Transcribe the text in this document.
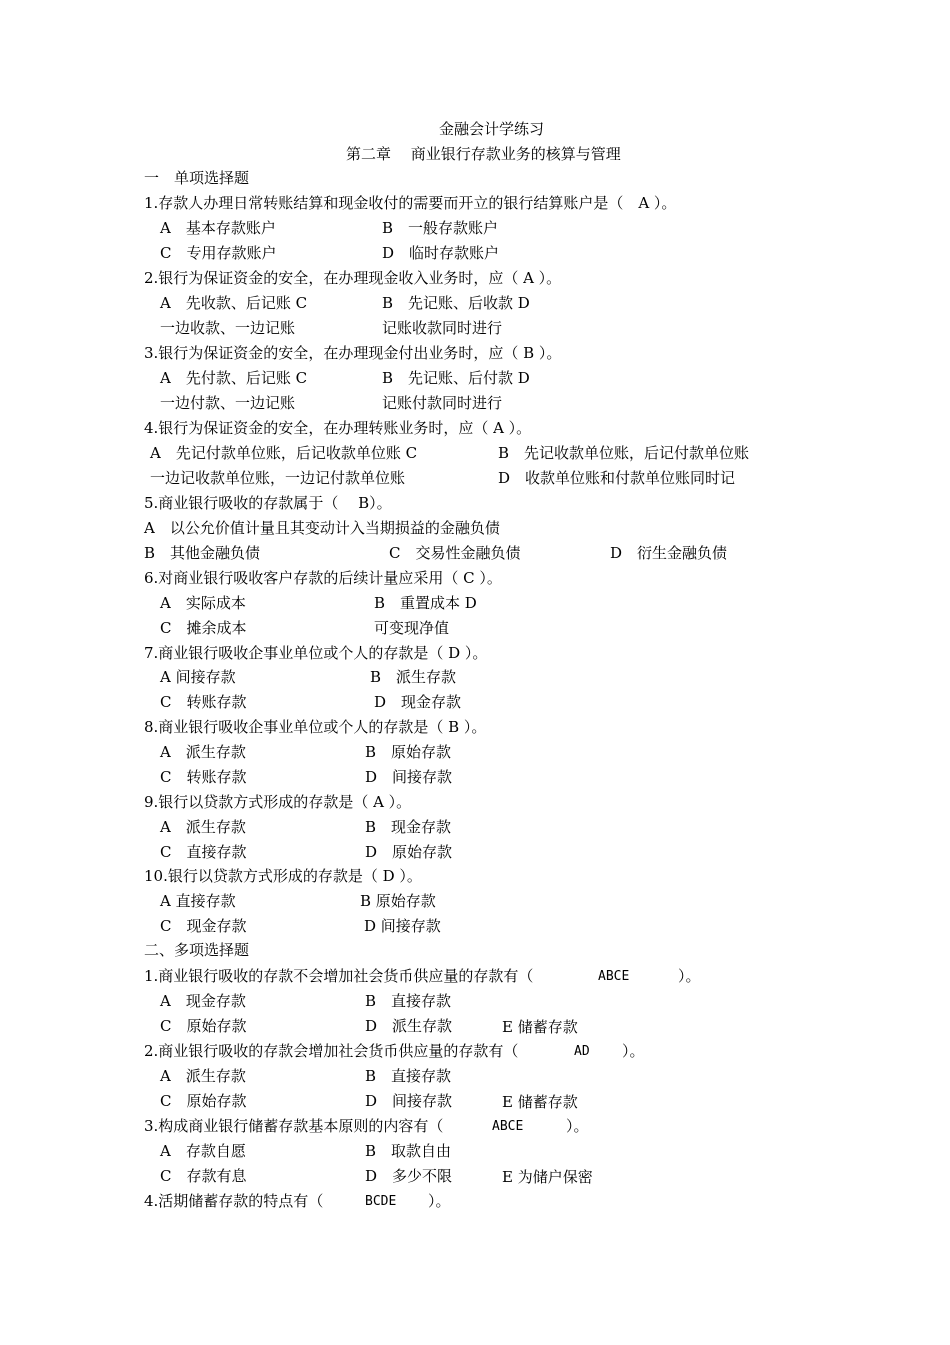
金融会计学练习
第二章　 商业银行存款业务的核算与管理
一　单项选择题
1.存款人办理日常转账结算和现金收付的需要而开立的银行结算账户是（　A ）。
A　基本存款账户	B　一般存款账户
C　专用存款账户	D　临时存款账户
2.银行为保证资金的安全，在办理现金收入业务时，应（ A ）。
A　先收款、后记账 C	B　先记账、后收款 D
一边收款、一边记账	记账收款同时进行
3.银行为保证资金的安全，在办理现金付出业务时，应（ B ）。
A　先付款、后记账 C	B　先记账、后付款 D
一边付款、一边记账	记账付款同时进行
4.银行为保证资金的安全，在办理转账业务时，应（ A ）。
A　先记付款单位账，后记收款单位账 C	B　先记收款单位账，后记付款单位账
一边记收款单位账，一边记付款单位账	D　收款单位账和付款单位账同时记
5.商业银行吸收的存款属于（　 B）。
A　以公允价值计量且其变动计入当期损益的金融负债
B　其他金融负债	C　交易性金融负债	D　衍生金融负债
6.对商业银行吸收客户存款的后续计量应采用（ C ）。
A　实际成本	B　重置成本 D
C　摊余成本	可变现净值
7.商业银行吸收企事业单位或个人的存款是（ D ）。
A 间接存款	B　派生存款
C　转账存款	D　现金存款
8.商业银行吸收企事业单位或个人的存款是（ B ）。
A　派生存款	B　原始存款
C　转账存款	D　间接存款
9.银行以贷款方式形成的存款是（ A ）。
A　派生存款	B　现金存款
C　直接存款	D　原始存款
10.银行以贷款方式形成的存款是（ D ）。
A 直接存款	B 原始存款
C　现金存款	D 间接存款
二、多项选择题
1.商业银行吸收的存款不会增加社会货币供应量的存款有（	ABCE	）。
A　现金存款	B　直接存款
C　原始存款	D　派生存款	E 储蓄存款
2.商业银行吸收的存款会增加社会货币供应量的存款有（	AD ）。
A　派生存款	B　直接存款
C　原始存款	D　间接存款	E 储蓄存款
3.构成商业银行储蓄存款基本原则的内容有（	ABCE	）。
A　存款自愿	B　取款自由
C　存款有息	D　多少不限	E 为储户保密
4.活期储蓄存款的特点有（	BCDE ）。
